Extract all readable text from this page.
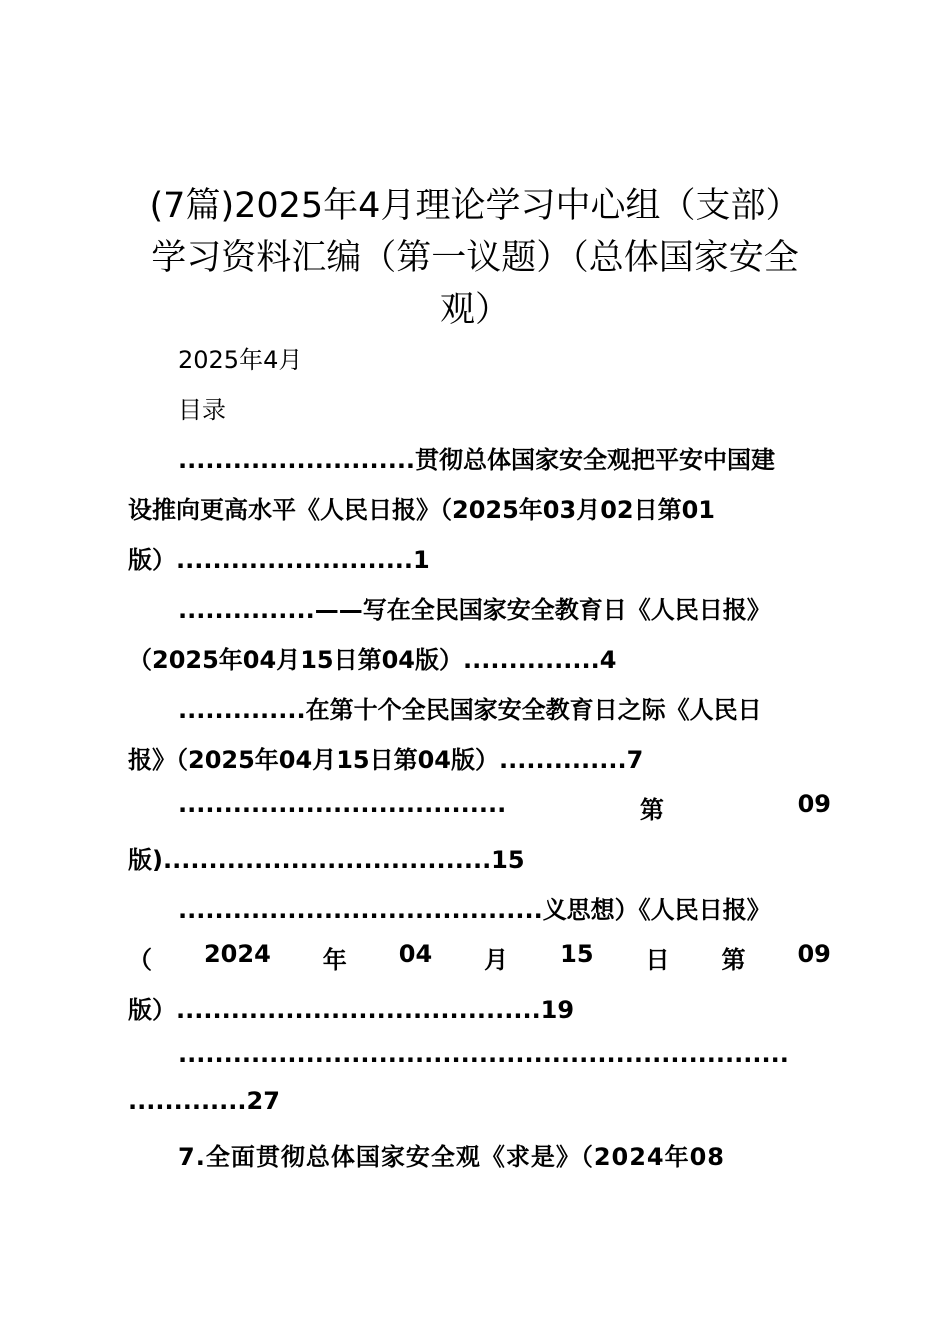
(7篇)2025年4月理论学习中心组（支部）
学习资料汇编（第一议题）（总体国家安全
观）
2025年4月
目录
..........................贯彻总体国家安全观把平安中国建
设推向更高水平《人民日报》（2025年03月02日第01
版）..........................1
...............——写在全民国家安全教育日《人民日报》
（2025年04月15日第04版）...............4
..............在第十个全民国家安全教育日之际《人民日
报》（2025年04月15日第04版）..............7
....................................	第	09
版)....................................15
........................................义思想）《人民日报》
（ 2024 年 04 月 15 日 第 09
版）........................................19
...................................................................
.............27
7.全面贯彻总体国家安全观《求是》（2024年08
